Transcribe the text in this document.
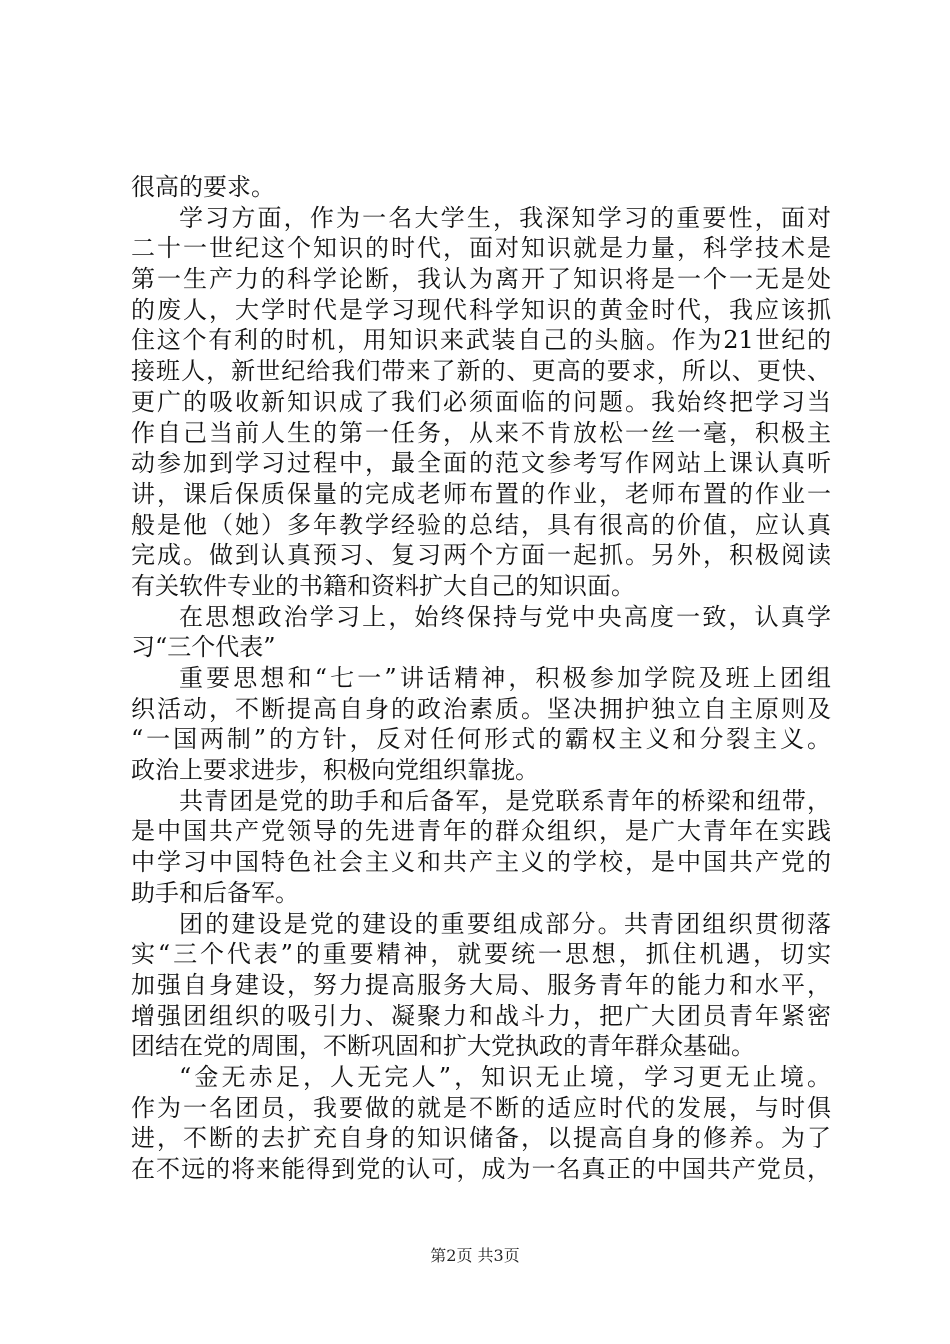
很高的要求。
学习方面，作为一名大学生，我深知学习的重要性，面对
二十一世纪这个知识的时代，面对知识就是力量，科学技术是
第一生产力的科学论断，我认为离开了知识将是一个一无是处
的废人，大学时代是学习现代科学知识的黄金时代，我应该抓
住这个有利的时机，用知识来武装自己的头脑。作为21世纪的
接班人，新世纪给我们带来了新的、更高的要求，所以、更快、
更广的吸收新知识成了我们必须面临的问题。我始终把学习当
作自己当前人生的第一任务，从来不肯放松一丝一毫，积极主
动参加到学习过程中，最全面的范文参考写作网站上课认真听
讲，课后保质保量的完成老师布置的作业，老师布置的作业一
般是他（她）多年教学经验的总结，具有很高的价值，应认真
完成。做到认真预习、复习两个方面一起抓。另外，积极阅读
有关软件专业的书籍和资料扩大自己的知识面。
在思想政治学习上，始终保持与党中央高度一致，认真学
习“三个代表”
重要思想和“七一”讲话精神，积极参加学院及班上团组
织活动，不断提高自身的政治素质。坚决拥护独立自主原则及
“一国两制”的方针，反对任何形式的霸权主义和分裂主义。
政治上要求进步，积极向党组织靠拢。
共青团是党的助手和后备军，是党联系青年的桥梁和纽带，
是中国共产党领导的先进青年的群众组织，是广大青年在实践
中学习中国特色社会主义和共产主义的学校，是中国共产党的
助手和后备军。
团的建设是党的建设的重要组成部分。共青团组织贯彻落
实“三个代表”的重要精神，就要统一思想，抓住机遇，切实
加强自身建设，努力提高服务大局、服务青年的能力和水平，
增强团组织的吸引力、凝聚力和战斗力，把广大团员青年紧密
团结在党的周围，不断巩固和扩大党执政的青年群众基础。
“金无赤足，人无完人”，知识无止境，学习更无止境。
作为一名团员，我要做的就是不断的适应时代的发展，与时俱
进，不断的去扩充自身的知识储备，以提高自身的修养。为了
在不远的将来能得到党的认可，成为一名真正的中国共产党员，
第2页 共3页
